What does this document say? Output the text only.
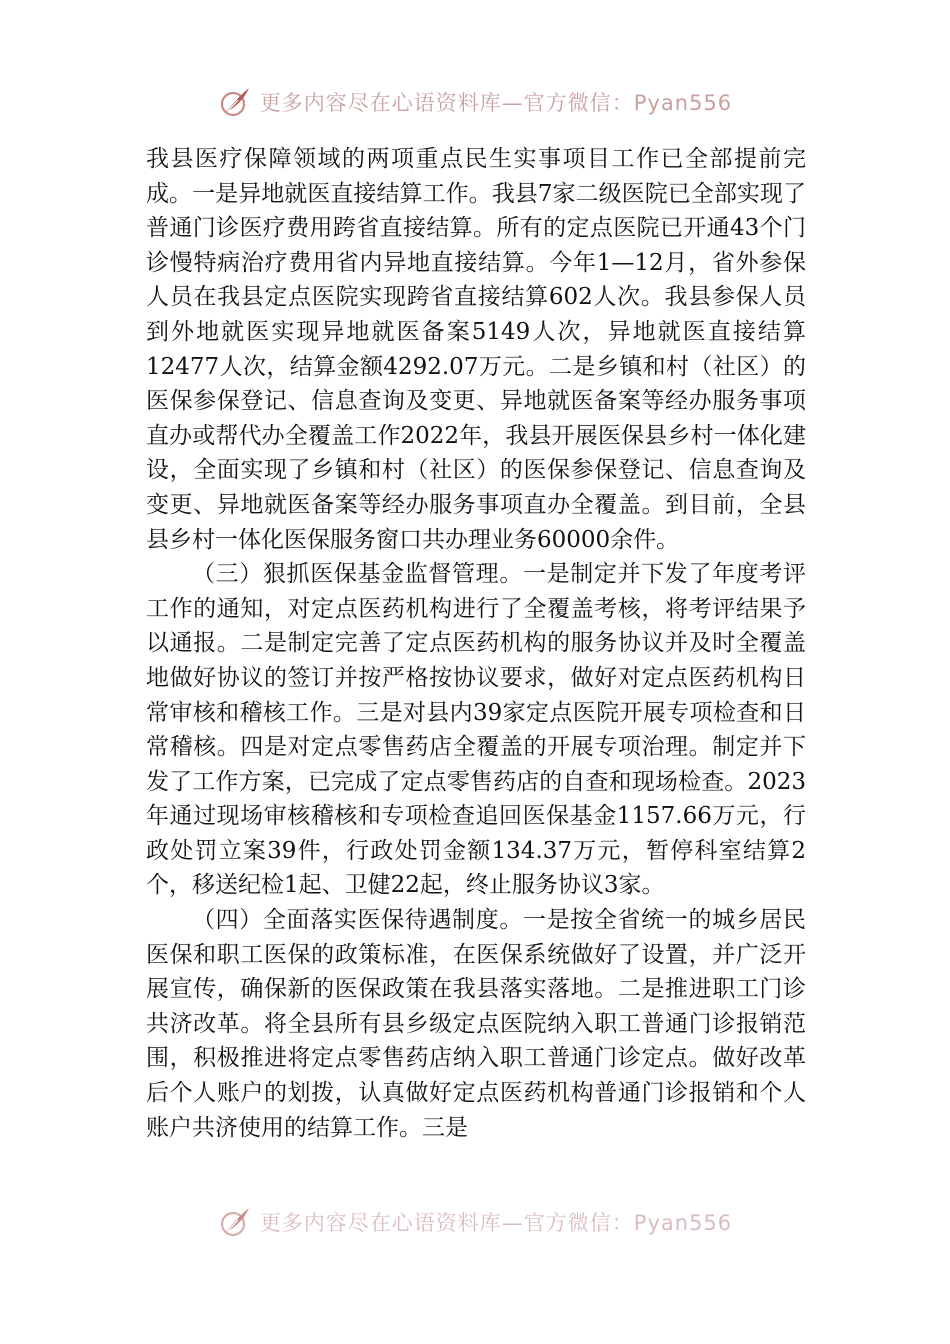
更多内容尽在心语资料库—官方微信：Pyan556

我县医疗保障领域的两项重点民生实事项目工作已全部提前完成。一是异地就医直接结算工作。我县7家二级医院已全部实现了普通门诊医疗费用跨省直接结算。所有的定点医院已开通43个门诊慢特病治疗费用省内异地直接结算。今年1—12月，省外参保人员在我县定点医院实现跨省直接结算602人次。我县参保人员到外地就医实现异地就医备案5149人次，异地就医直接结算12477人次，结算金额4292.07万元。二是乡镇和村（社区）的医保参保登记、信息查询及变更、异地就医备案等经办服务事项直办或帮代办全覆盖工作2022年，我县开展医保县乡村一体化建设，全面实现了乡镇和村（社区）的医保参保登记、信息查询及变更、异地就医备案等经办服务事项直办全覆盖。到目前，全县县乡村一体化医保服务窗口共办理业务60000余件。

（三）狠抓医保基金监督管理。一是制定并下发了年度考评工作的通知，对定点医药机构进行了全覆盖考核，将考评结果予以通报。二是制定完善了定点医药机构的服务协议并及时全覆盖地做好协议的签订并按严格按协议要求，做好对定点医药机构日常审核和稽核工作。三是对县内39家定点医院开展专项检查和日常稽核。四是对定点零售药店全覆盖的开展专项治理。制定并下发了工作方案，已完成了定点零售药店的自查和现场检查。2023年通过现场审核稽核和专项检查追回医保基金1157.66万元，行政处罚立案39件，行政处罚金额134.37万元，暂停科室结算2个，移送纪检1起、卫健22起，终止服务协议3家。

（四）全面落实医保待遇制度。一是按全省统一的城乡居民医保和职工医保的政策标准，在医保系统做好了设置，并广泛开展宣传，确保新的医保政策在我县落实落地。二是推进职工门诊共济改革。将全县所有县乡级定点医院纳入职工普通门诊报销范围，积极推进将定点零售药店纳入职工普通门诊定点。做好改革后个人账户的划拨，认真做好定点医药机构普通门诊报销和个人账户共济使用的结算工作。三是

更多内容尽在心语资料库—官方微信：Pyan556
